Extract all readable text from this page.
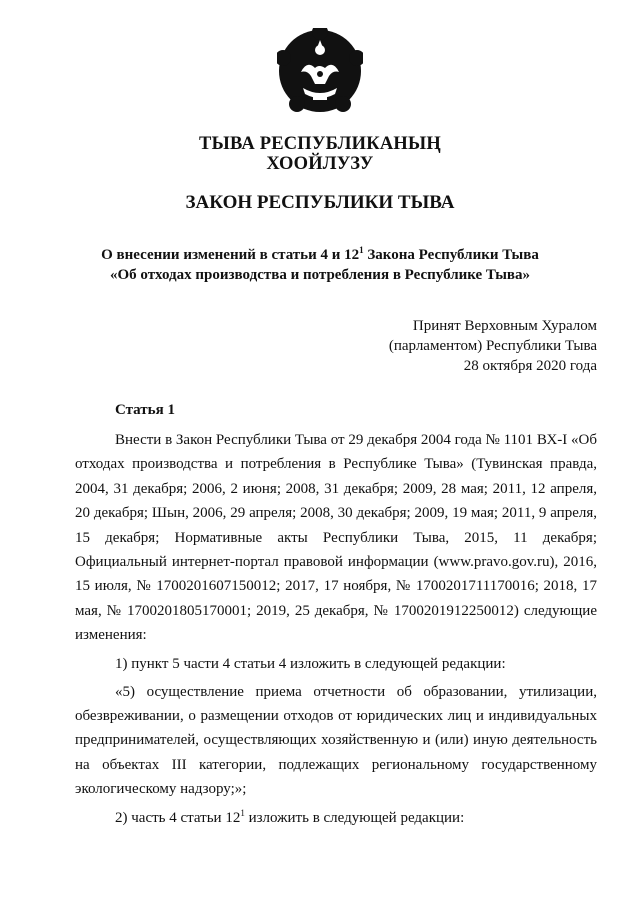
ТЫВА РЕСПУБЛИКАНЫҢ
ХООЙЛУЗУ
ЗАКОН РЕСПУБЛИКИ ТЫВА
О внесении изменений в статьи 4 и $12^1$ Закона Республики Тыва
«Об отходах производства и потребления в Республике Тыва»
Принят Верховным Хуралом
(парламентом) Республики Тыва
28 октября 2020 года
Статья 1

Внести в Закон Республики Тыва от 29 декабря 2004 года № 1101 ВХ-I «Об отходах производства и потребления в Республике Тыва» (Тувинская правда, 2004, 31 декабря; 2006, 2 июня; 2008, 31 декабря; 2009, 28 мая; 2011, 12 апреля, 20 декабря; Шын, 2006, 29 апреля; 2008, 30 декабря; 2009, 19 мая; 2011, 9 апреля, 15 декабря; Нормативные акты Республики Тыва, 2015, 11 декабря; Официальный интернет-портал правовой информации (www.pravo.gov.ru), 2016, 15 июля, № 1700201607150012; 2017, 17 ноября, № 1700201711170016; 2018, 17 мая, № 1700201805170001; 2019, 25 декабря, № 1700201912250012) следующие изменения:

1) пункт 5 части 4 статьи 4 изложить в следующей редакции:

«5) осуществление приема отчетности об образовании, утилизации, обезвреживании, о размещении отходов от юридических лиц и индивидуальных предпринимателей, осуществляющих хозяйственную и (или) иную деятельность на объектах III категории, подлежащих региональному государственному экологическому надзору;»;

2) часть 4 статьи $12^1$ изложить в следующей редакции:
